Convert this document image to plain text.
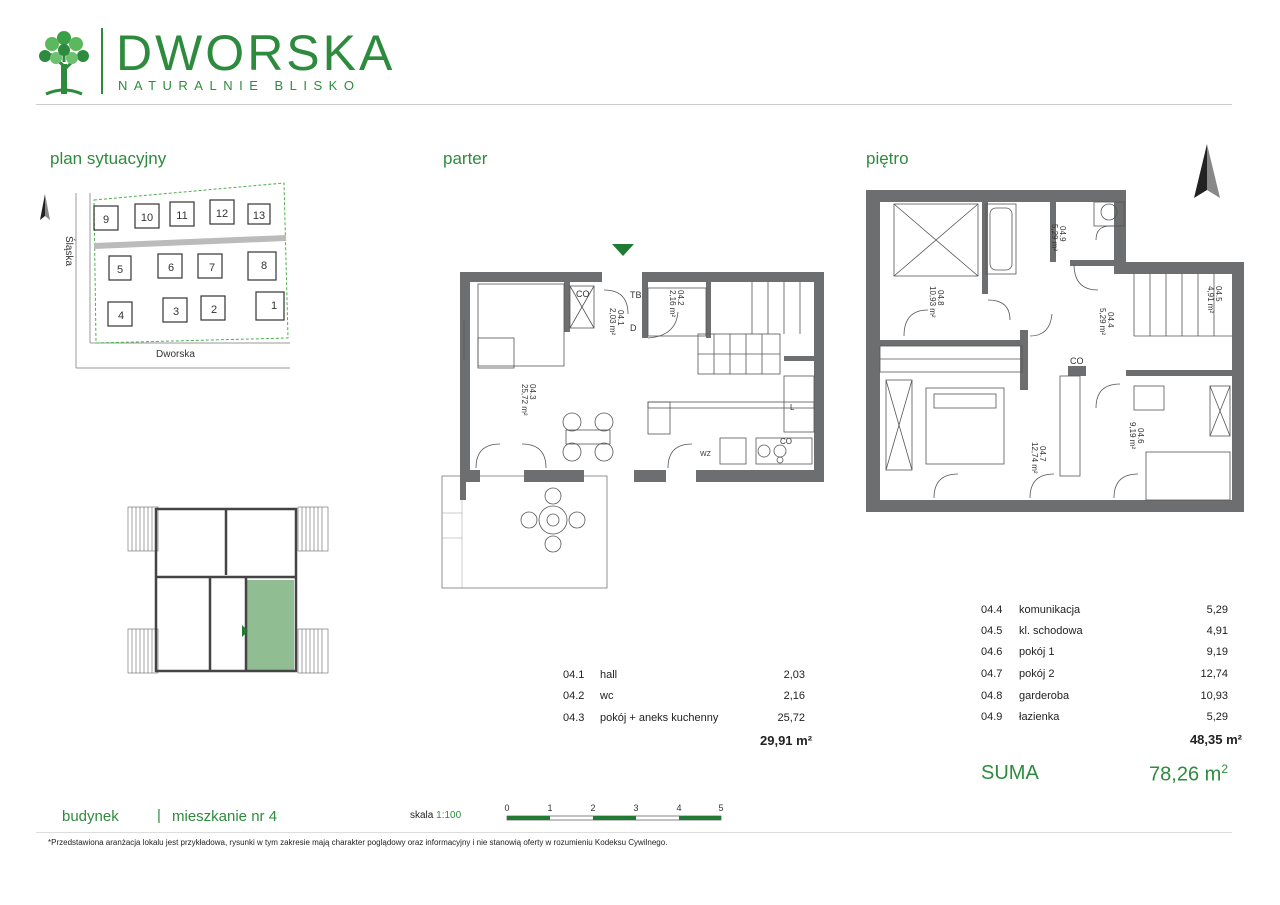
DWORSKA
NATURALNIE BLISKO
plan sytuacyjny	parter	piętro
9	10 11	12 13
5	6	7	8
4	3	2	1
Śląska
Dworska
CO	TB
D
L
WZ
CO
04.1
2,03 m²
04.2
2,16 m²
04.3
25,72 m²
CO
04.9
5,29 m²
04.8
10,93 m²
04.4
5,29 m²
04.5
4,91 m²
04.7
12,74 m²
04.6
9,19 m²
04.4 komunikacja	5,29
04.5 kl. schodowa	4,91
04.6 pokój 1	9,19
04.7 pokój 2	12,74
04.8 garderoba	10,93
04.9 łazienka	5,29
48,35 m²
04.1 hall	2,03
04.2 wc	2,16
04.3 pokój + aneks kuchenny	25,72
29,91 m²
SUMA	78,26 $m^2$
budynek	| mieszkanie nr 4	skala 1:100
0	1	2	3	4	5
*Przedstawiona aranżacja lokalu jest przykładowa, rysunki w tym zakresie mają charakter poglądowy oraz informacyjny i nie stanowią oferty w rozumieniu Kodeksu Cywilnego.
